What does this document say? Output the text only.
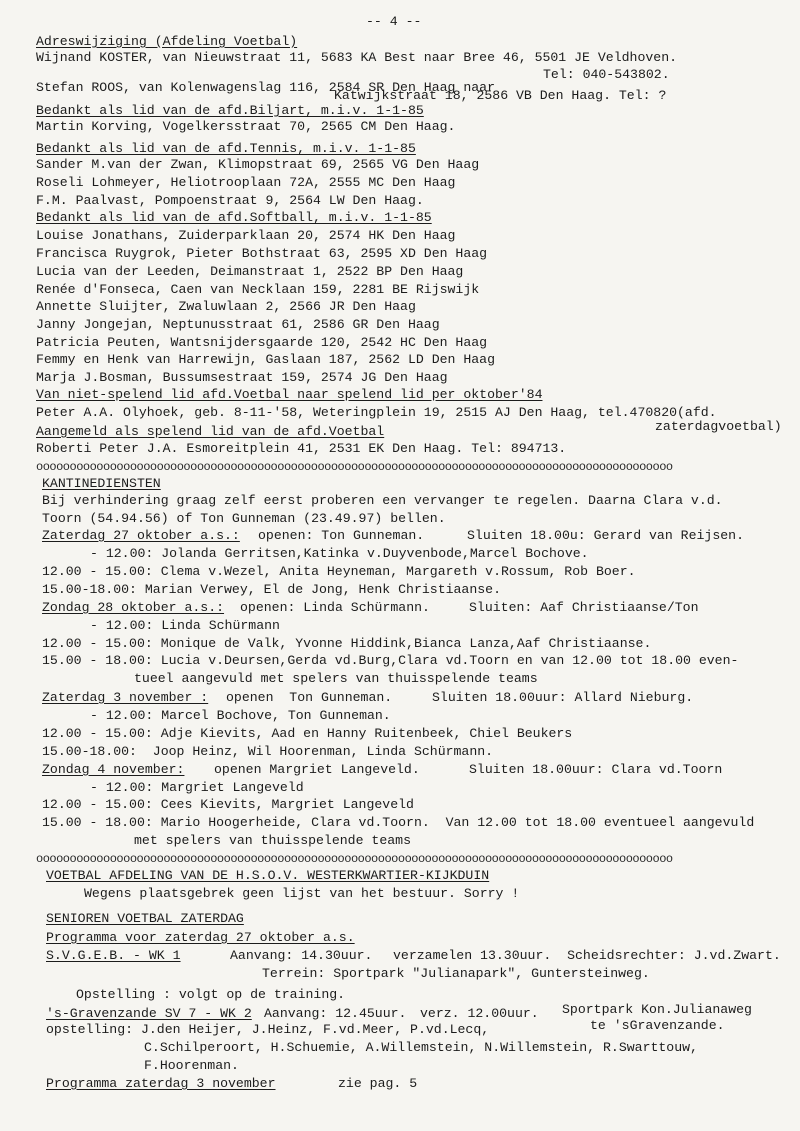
-- 4 --
Adreswijziging (Afdeling Voetbal)
Wijnand KOSTER, van Nieuwstraat 11, 5683 KA Best naar Bree 46, 5501 JE Veldhoven.
Tel: 040-543802.
Stefan ROOS, van Kolenwagenslag 116, 2584 SR Den Haag naar
Katwijkstraat 18, 2586 VB Den Haag. Tel: ?
Bedankt als lid van de afd.Biljart, m.i.v. 1-1-85
Martin Korving, Vogelkersstraat 70, 2565 CM Den Haag.
Bedankt als lid van de afd.Tennis, m.i.v. 1-1-85
Sander M.van der Zwan, Klimopstraat 69, 2565 VG Den Haag
Roseli Lohmeyer, Heliotrooplaan 72A, 2555 MC Den Haag
F.M. Paalvast, Pompoenstraat 9, 2564 LW Den Haag.
Bedankt als lid van de afd.Softball, m.i.v. 1-1-85
Louise Jonathans, Zuiderparklaan 20, 2574 HK Den Haag
Francisca Ruygrok, Pieter Bothstraat 63, 2595 XD Den Haag
Lucia van der Leeden, Deimanstraat 1, 2522 BP Den Haag
Renée d'Fonseca, Caen van Necklaan 159, 2281 BE Rijswijk
Annette Sluijter, Zwaluwlaan 2, 2566 JR Den Haag
Janny Jongejan, Neptunusstraat 61, 2586 GR Den Haag
Patricia Peuten, Wantsnijdersgaarde 120, 2542 HC Den Haag
Femmy en Henk van Harrewijn, Gaslaan 187, 2562 LD Den Haag
Marja J.Bosman, Bussumsestraat 159, 2574 JG Den Haag
Van niet-spelend lid afd.Voetbal naar spelend lid per oktober'84
Peter A.A. Olyhoek, geb. 8-11-'58, Weteringplein 19, 2515 AJ Den Haag, tel.470820(afd.
zaterdagvoetbal)
Aangemeld als spelend lid van de afd.Voetbal
Roberti Peter J.A. Esmoreitplein 41, 2531 EK Den Haag. Tel: 894713.
ooooooooooooooooooooooooooooooooooooooooooooooooooooooooooooooooooooooooooooooooooooooooooooooo
KANTINEDIENSTEN
Bij verhindering graag zelf eerst proberen een vervanger te regelen. Daarna Clara v.d.
Toorn (54.94.56) of Ton Gunneman (23.49.97) bellen.
Zaterdag 27 oktober a.s.: openen: Ton Gunneman.	Sluiten 18.00u: Gerard van Reijsen.
- 12.00: Jolanda Gerritsen,Katinka v.Duyvenbode,Marcel Bochove.
12.00 - 15.00: Clema v.Wezel, Anita Heyneman, Margareth v.Rossum, Rob Boer.
15.00-18.00: Marian Verwey, El de Jong, Henk Christiaanse.
Zondag 28 oktober a.s.: openen: Linda Schürmann.	Sluiten: Aaf Christiaanse/Ton
- 12.00: Linda Schürmann
12.00 - 15.00: Monique de Valk, Yvonne Hiddink,Bianca Lanza,Aaf Christiaanse.
15.00 - 18.00: Lucia v.Deursen,Gerda vd.Burg,Clara vd.Toorn en van 12.00 tot 18.00 even-
tueel aangevuld met spelers van thuisspelende teams
Zaterdag 3 november : openen  Ton Gunneman.	Sluiten 18.00uur: Allard Nieburg.
- 12.00: Marcel Bochove, Ton Gunneman.
12.00 - 15.00: Adje Kievits, Aad en Hanny Ruitenbeek, Chiel Beukers
15.00-18.00:  Joop Heinz, Wil Hoorenman, Linda Schürmann.
Zondag 4 november: openen Margriet Langeveld.	Sluiten 18.00uur: Clara vd.Toorn
- 12.00: Margriet Langeveld
12.00 - 15.00: Cees Kievits, Margriet Langeveld
15.00 - 18.00: Mario Hoogerheide, Clara vd.Toorn.  Van 12.00 tot 18.00 eventueel aangevuld
met spelers van thuisspelende teams
ooooooooooooooooooooooooooooooooooooooooooooooooooooooooooooooooooooooooooooooooooooooooooooooo
VOETBAL AFDELING VAN DE H.S.O.V. WESTERKWARTIER-KIJKDUIN
Wegens plaatsgebrek geen lijst van het bestuur. Sorry !
SENIOREN VOETBAL ZATERDAG
Programma voor zaterdag 27 oktober a.s.
S.V.G.E.B. - WK 1	Aanvang: 14.30uur. verzamelen 13.30uur.  Scheidsrechter: J.vd.Zwart.
Terrein: Sportpark "Julianapark", Guntersteinweg.
Opstelling : volgt op de training.
's-Gravenzande SV 7 - WK 2 Aanvang: 12.45uur. verz. 12.00uur. Sportpark Kon.Julianaweg
opstelling: J.den Heijer, J.Heinz, F.vd.Meer, P.vd.Lecq,	te 'sGravenzande.
C.Schilperoort, H.Schuemie, A.Willemstein, N.Willemstein, R.Swarttouw,
F.Hoorenman.
Programma zaterdag 3 november	zie pag. 5
